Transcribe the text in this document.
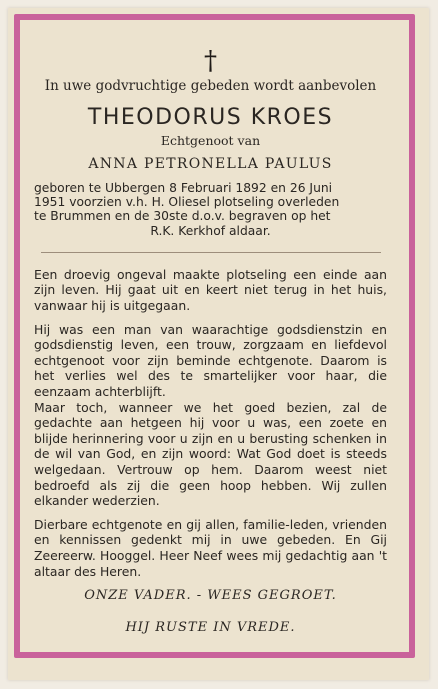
†

In uwe godvruchtige gebeden wordt aanbevolen

THEODORUS KROES
Echtgenoot van
ANNA PETRONELLA PAULUS
geboren te Ubbergen 8 Februari 1892 en 26 Juni
1951 voorzien v.h. H. Oliesel plotseling overleden
te Brummen en de 30ste d.o.v. begraven op het
R.K. Kerkhof aldaar.

Een droevig ongeval maakte plotseling een einde aan zijn leven. Hij gaat uit en keert niet terug in het huis, vanwaar hij is uitgegaan.

Hij was een man van waarachtige godsdienstzin en godsdienstig leven, een trouw, zorgzaam en liefdevol echtgenoot voor zijn beminde echtgenote. Daarom is het verlies wel des te smartelijker voor haar, die eenzaam achterblijft.

Maar toch, wanneer we het goed bezien, zal de gedachte aan hetgeen hij voor u was, een zoete en blijde herinnering voor u zijn en u berusting schenken in de wil van God, en zijn woord: Wat God doet is steeds welgedaan. Vertrouw op hem. Daarom weest niet bedroefd als zij die geen hoop hebben. Wij zullen elkander wederzien.

Dierbare echtgenote en gij allen, familie-leden, vrienden en kennissen gedenkt mij in uwe gebeden. En Gij Zeereerw. Hooggel. Heer Neef wees mij gedachtig aan 't altaar des Heren.

ONZE VADER. - WEES GEGROET.
HIJ RUSTE IN VREDE.
